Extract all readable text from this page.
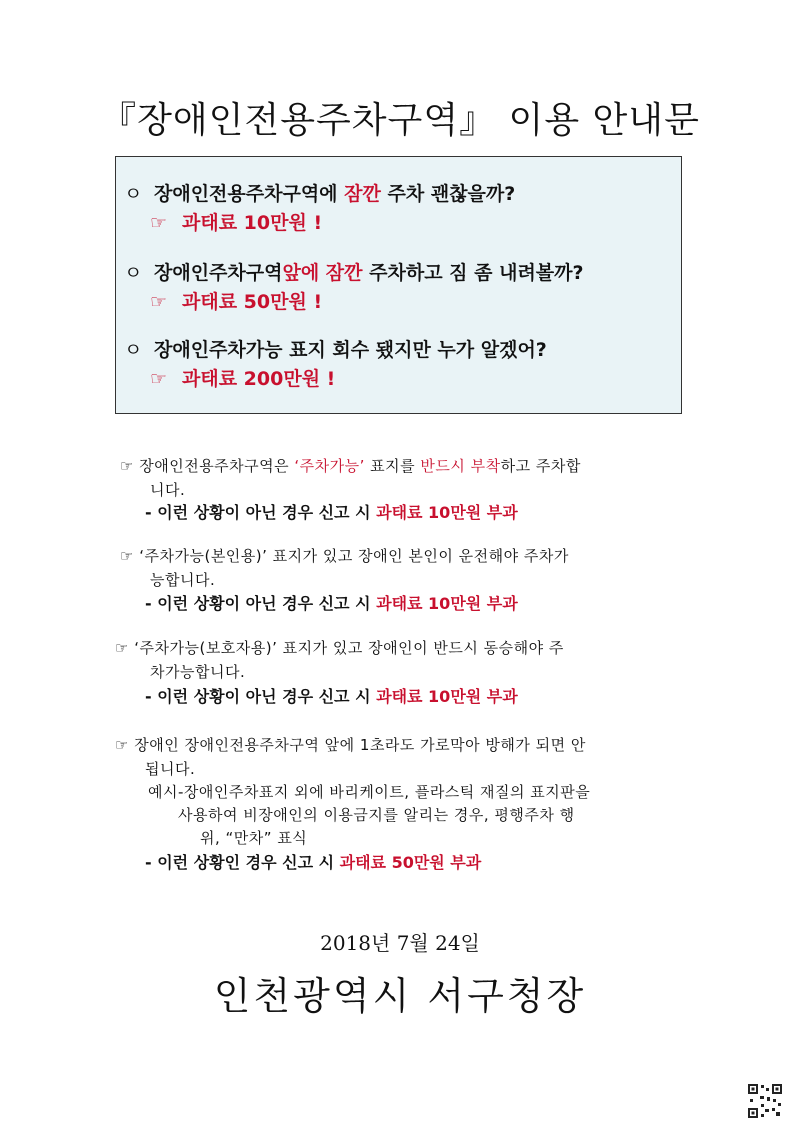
『장애인전용주차구역』 이용 안내문
ㅇ 장애인전용주차구역에 잠깐 주차 괜찮을까?
☞ 과태료 10만원 !
ㅇ 장애인주차구역앞에 잠깐 주차하고 짐 좀 내려볼까?
☞ 과태료 50만원 !
ㅇ 장애인주차가능 표지 회수 됐지만 누가 알겠어?
☞ 과태료 200만원 !
☞ 장애인전용주차구역은 ‘주차가능’ 표지를 반드시 부착하고 주차합
니다.
- 이런 상황이 아닌 경우 신고 시 과태료 10만원 부과
☞ ‘주차가능(본인용)’ 표지가 있고 장애인 본인이 운전해야 주차가
능합니다.
- 이런 상황이 아닌 경우 신고 시 과태료 10만원 부과
☞ ‘주차가능(보호자용)’ 표지가 있고 장애인이 반드시 동승해야 주
차가능합니다.
- 이런 상황이 아닌 경우 신고 시 과태료 10만원 부과
☞ 장애인 장애인전용주차구역 앞에 1초라도 가로막아 방해가 되면 안
됩니다.
예시-장애인주차표지 외에 바리케이트, 플라스틱 재질의 표지판을
사용하여 비장애인의 이용금지를 알리는 경우, 평행주차 행
위, “만차” 표식
- 이런 상황인 경우 신고 시 과태료 50만원 부과
2018년 7월 24일
인천광역시 서구청장
